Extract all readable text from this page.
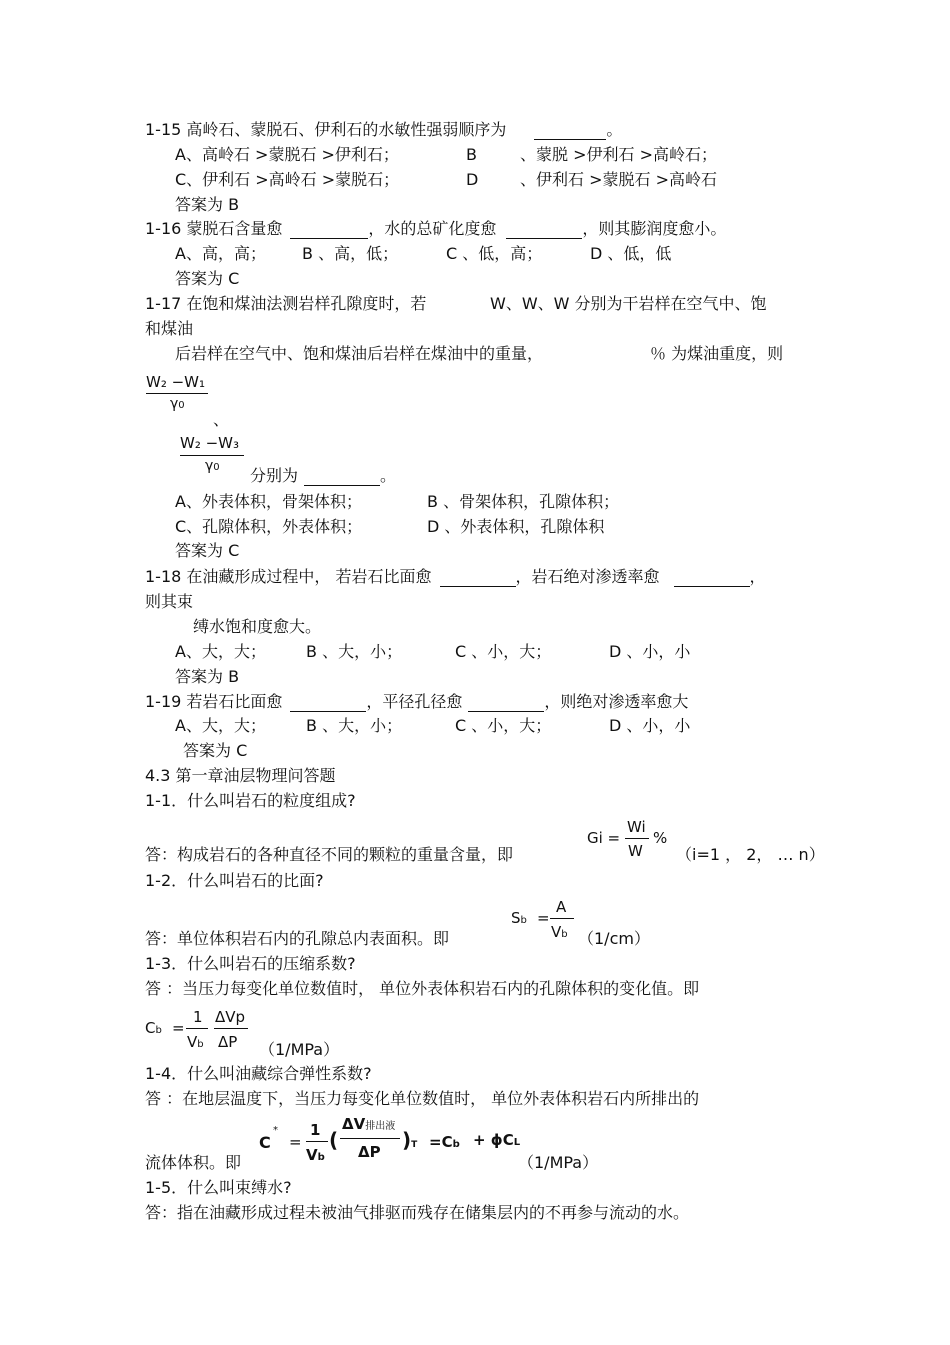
1-15 高岭石、蒙脱石、伊利石的水敏性强弱顺序为	。
A、高岭石 >蒙脱石 >伊利石；	B	、蒙脱 >伊利石 >高岭石；
C、伊利石 >高岭石 >蒙脱石；	D	、伊利石 >蒙脱石 >高岭石
答案为 B
1-16 蒙脱石含量愈	，水的总矿化度愈	，则其膨润度愈小。
A、高，高； B 、高，低；	C 、低，高；	D 、低，低
答案为 C
1-17 在饱和煤油法测岩样孔隙度时，若	W、W、W 分别为干岩样在空气中、饱
和煤油
后岩样在空气中、饱和煤油后岩样在煤油中的重量，	％ 为煤油重度，则
W₂ −W₁
γ0
、
W₂ −W₃
γ0 分别为	。
A、外表体积，骨架体积；	B 、骨架体积，孔隙体积；
C、孔隙体积，外表体积；	D 、外表体积，孔隙体积
答案为 C
1-18 在油藏形成过程中， 若岩石比面愈	，岩石绝对渗透率愈	，
则其束
缚水饱和度愈大。
A、大，大；	B 、大，小；	C 、小，大；	D 、小，小
答案为 B
1-19 若岩石比面愈	，平径孔径愈	，则绝对渗透率愈大
A、大，大；	B 、大，小；	C 、小，大；	D 、小，小
答案为 C
4.3 第一章油层物理问答题
1-1．什么叫岩石的粒度组成?
Gi =
Wi
W
%
答：构成岩石的各种直径不同的颗粒的重量含量，即	（i=1 ， 2， … n）
1-2．什么叫岩石的比面?
Sb =
A
Vb
答：单位体积岩石内的孔隙总内表面积。即	（1/cm）
1-3．什么叫岩石的压缩系数?
答 ：当压力每变化单位数值时， 单位外表体积岩石内的孔隙体积的变化值。即
Cb =
1
Vb
ΔVp
ΔP （1/MPa）
1-4．什么叫油藏综合弹性系数?
答 ：在地层温度下，当压力每变化单位数值时， 单位外表体积岩石内所排出的
C
*
=
1
Vb
(
ΔV排出液
ΔP )T =Cb + ϕCL
流体体积。即	（1/MPa）
1-5．什么叫束缚水?
答：指在油藏形成过程未被油气排驱而残存在储集层内的不再参与流动的水。
